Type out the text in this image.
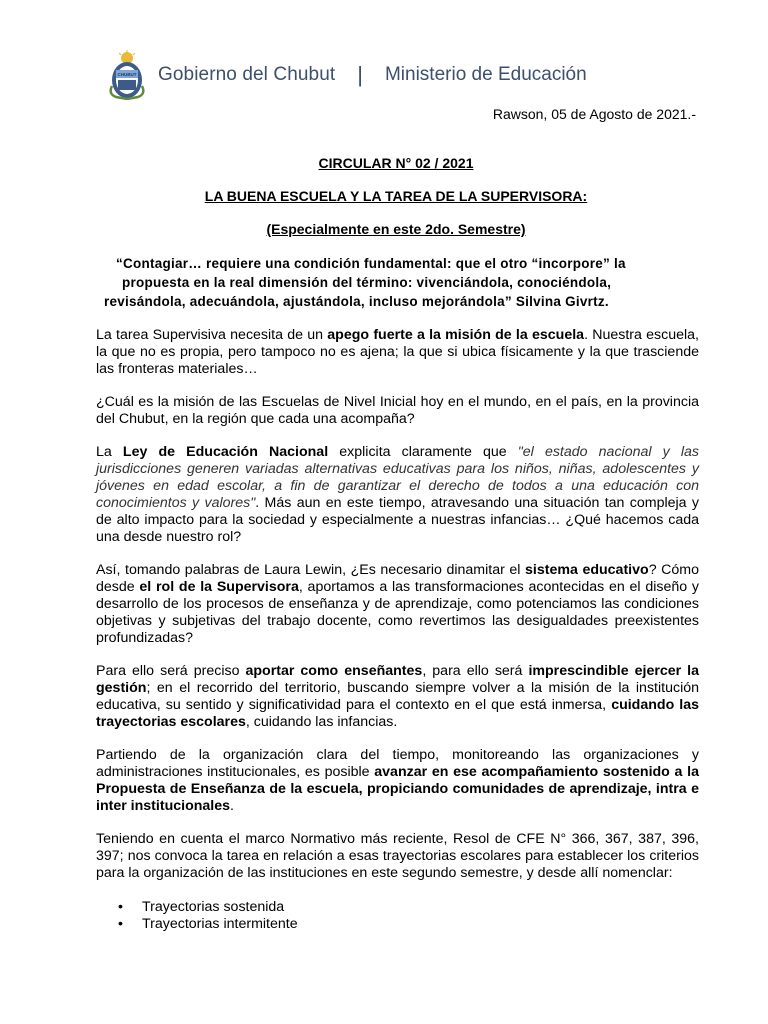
CHUBUT Gobierno del Chubut | Ministerio de Educación
Rawson, 05 de Agosto de 2021.-
CIRCULAR N° 02 / 2021
LA BUENA ESCUELA Y LA TAREA DE LA SUPERVISORA:
(Especialmente en este 2do. Semestre)
“Contagiar… requiere una condición fundamental: que el otro “incorpore” la
propuesta en la real dimensión del término: vivenciándola, conociéndola,
revisándola, adecuándola, ajustándola, incluso mejorándola” Silvina Givrtz.
La tarea Supervisiva necesita de un apego fuerte a la misión de la escuela. Nuestra escuela, la que no es propia, pero tampoco no es ajena; la que si ubica físicamente y la que trasciende las fronteras materiales…
¿Cuál es la misión de las Escuelas de Nivel Inicial hoy en el mundo, en el país, en la provincia del Chubut, en la región que cada una acompaña?
La Ley de Educación Nacional explicita claramente que "el estado nacional y las jurisdicciones generen variadas alternativas educativas para los niños, niñas, adolescentes y jóvenes en edad escolar, a fin de garantizar el derecho de todos a una educación con conocimientos y valores". Más aun en este tiempo, atravesando una situación tan compleja y de alto impacto para la sociedad y especialmente a nuestras infancias… ¿Qué hacemos cada una desde nuestro rol?
Así, tomando palabras de Laura Lewin, ¿Es necesario dinamitar el sistema educativo? Cómo desde el rol de la Supervisora, aportamos a las transformaciones acontecidas en el diseño y desarrollo de los procesos de enseñanza y de aprendizaje, como potenciamos las condiciones objetivas y subjetivas del trabajo docente, como revertimos las desigualdades preexistentes profundizadas?
Para ello será preciso aportar como enseñantes, para ello será imprescindible ejercer la gestión; en el recorrido del territorio, buscando siempre volver a la misión de la institución educativa, su sentido y significatividad para el contexto en el que está inmersa, cuidando las trayectorias escolares, cuidando las infancias.
Partiendo de la organización clara del tiempo, monitoreando las organizaciones y administraciones institucionales, es posible avanzar en ese acompañamiento sostenido a la Propuesta de Enseñanza de la escuela, propiciando comunidades de aprendizaje, intra e inter institucionales.
Teniendo en cuenta el marco Normativo más reciente, Resol de CFE N° 366, 367, 387, 396, 397; nos convoca la tarea en relación a esas trayectorias escolares para establecer los criterios para la organización de las instituciones en este segundo semestre, y desde allí nomenclar:
• Trayectorias sostenida
• Trayectorias intermitente
